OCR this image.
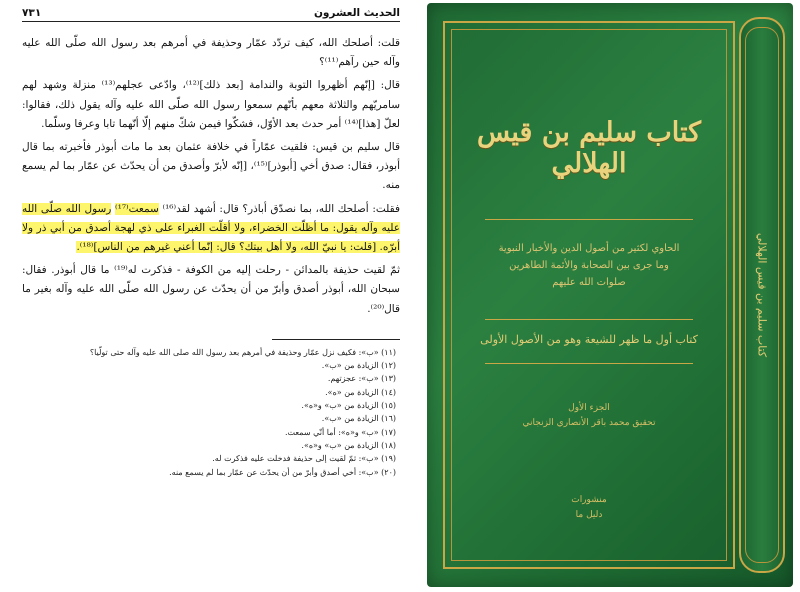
الحديث العشرون
٧٣١

قلت: أصلحك الله، كيف تردّد عمّار وحذيفة في أمرهم بعد رسول الله صلّى الله عليه وآله حين رآهم⁽¹¹⁾؟

قال: [إنّهم أظهروا التوبة والندامة [بعد ذلك]⁽¹²⁾، وادّعى عجلهم⁽¹³⁾ منزلة وشهد لهم سامريّهم والثلاثة معهم بأنّهم سمعوا رسول الله صلّى الله عليه وآله يقول ذلك، فقالوا: لعلّ [هذا]⁽¹⁴⁾ أمر حدث بعد الأوّل، فشكّوا فيمن شكّ منهم إلّا أنّهما تابا وعرفا وسلّما.

قال سليم بن قيس: فلقيت عمّاراً في خلافة عثمان بعد ما مات أبوذر فأخبرته بما قال أبوذر، فقال: صدق أخي [أبوذر]⁽¹⁵⁾، [إنّه لأبرّ وأصدق من أن يحدّث عن عمّار بما لم يسمع منه.

فقلت: أصلحك الله، بما نصدّق أباذر؟ قال: أشهد لقد⁽¹⁶⁾ سمعت⁽¹⁷⁾ رسول الله صلّى الله عليه وآله يقول: ما أظلّت الخضراء، ولا أقلّت الغبراء على ذي لهجة أصدق من أبي ذر ولا أبرّه. [قلت: يا نبيّ الله، ولا أهل بيتك؟ قال: إنّما أعني غيرهم من الناس]⁽¹⁸⁾.

ثمّ لقيت حذيفة بالمدائن - رحلت إليه من الكوفة - فذكرت له⁽¹⁹⁾ ما قال أبوذر. فقال: سبحان الله، أبوذر أصدق وأبرّ من أن يحدّث عن رسول الله صلّى الله عليه وآله بغير ما قال⁽²⁰⁾.

(١١) «ب»: فكيف نزل عمّار وحذيفة في أمرهم بعد رسول الله صلى الله عليه وآله حتى تولّيا؟
(١٢) الزيادة من «ب».
(١٣) «ب»: عجزتهم.
(١٤) الزيادة من «ه».
(١٥) الزيادة من «ب» و«ه».
(١٦) الزيادة من «ب».
(١٧) «ب» و«ه»: أما أنّي سمعت.
(١٨) الزيادة من «ب» و«ه».
(١٩) «ب»: ثمّ لقيت إلى حذيفة فدخلت عليه فذكرت له.
(٢٠) «ب»: أخي أصدق وأبرّ من أن يحدّث عن عمّار بما لم يسمع منه.
كتاب سليم بن قيس الهلالي
الحاوي لكثير من أصول الدين والأخبار النبوية
وما جرى بين الصحابة والأئمة الطاهرين
صلوات الله عليهم
كتاب أول ما ظهر للشيعة وهو من الأصول الأولى
الجزء الأول
تحقيق محمد باقر الأنصاري الزنجاني
منشورات
دليل ما
كتاب سليم بن قيس الهلالي
